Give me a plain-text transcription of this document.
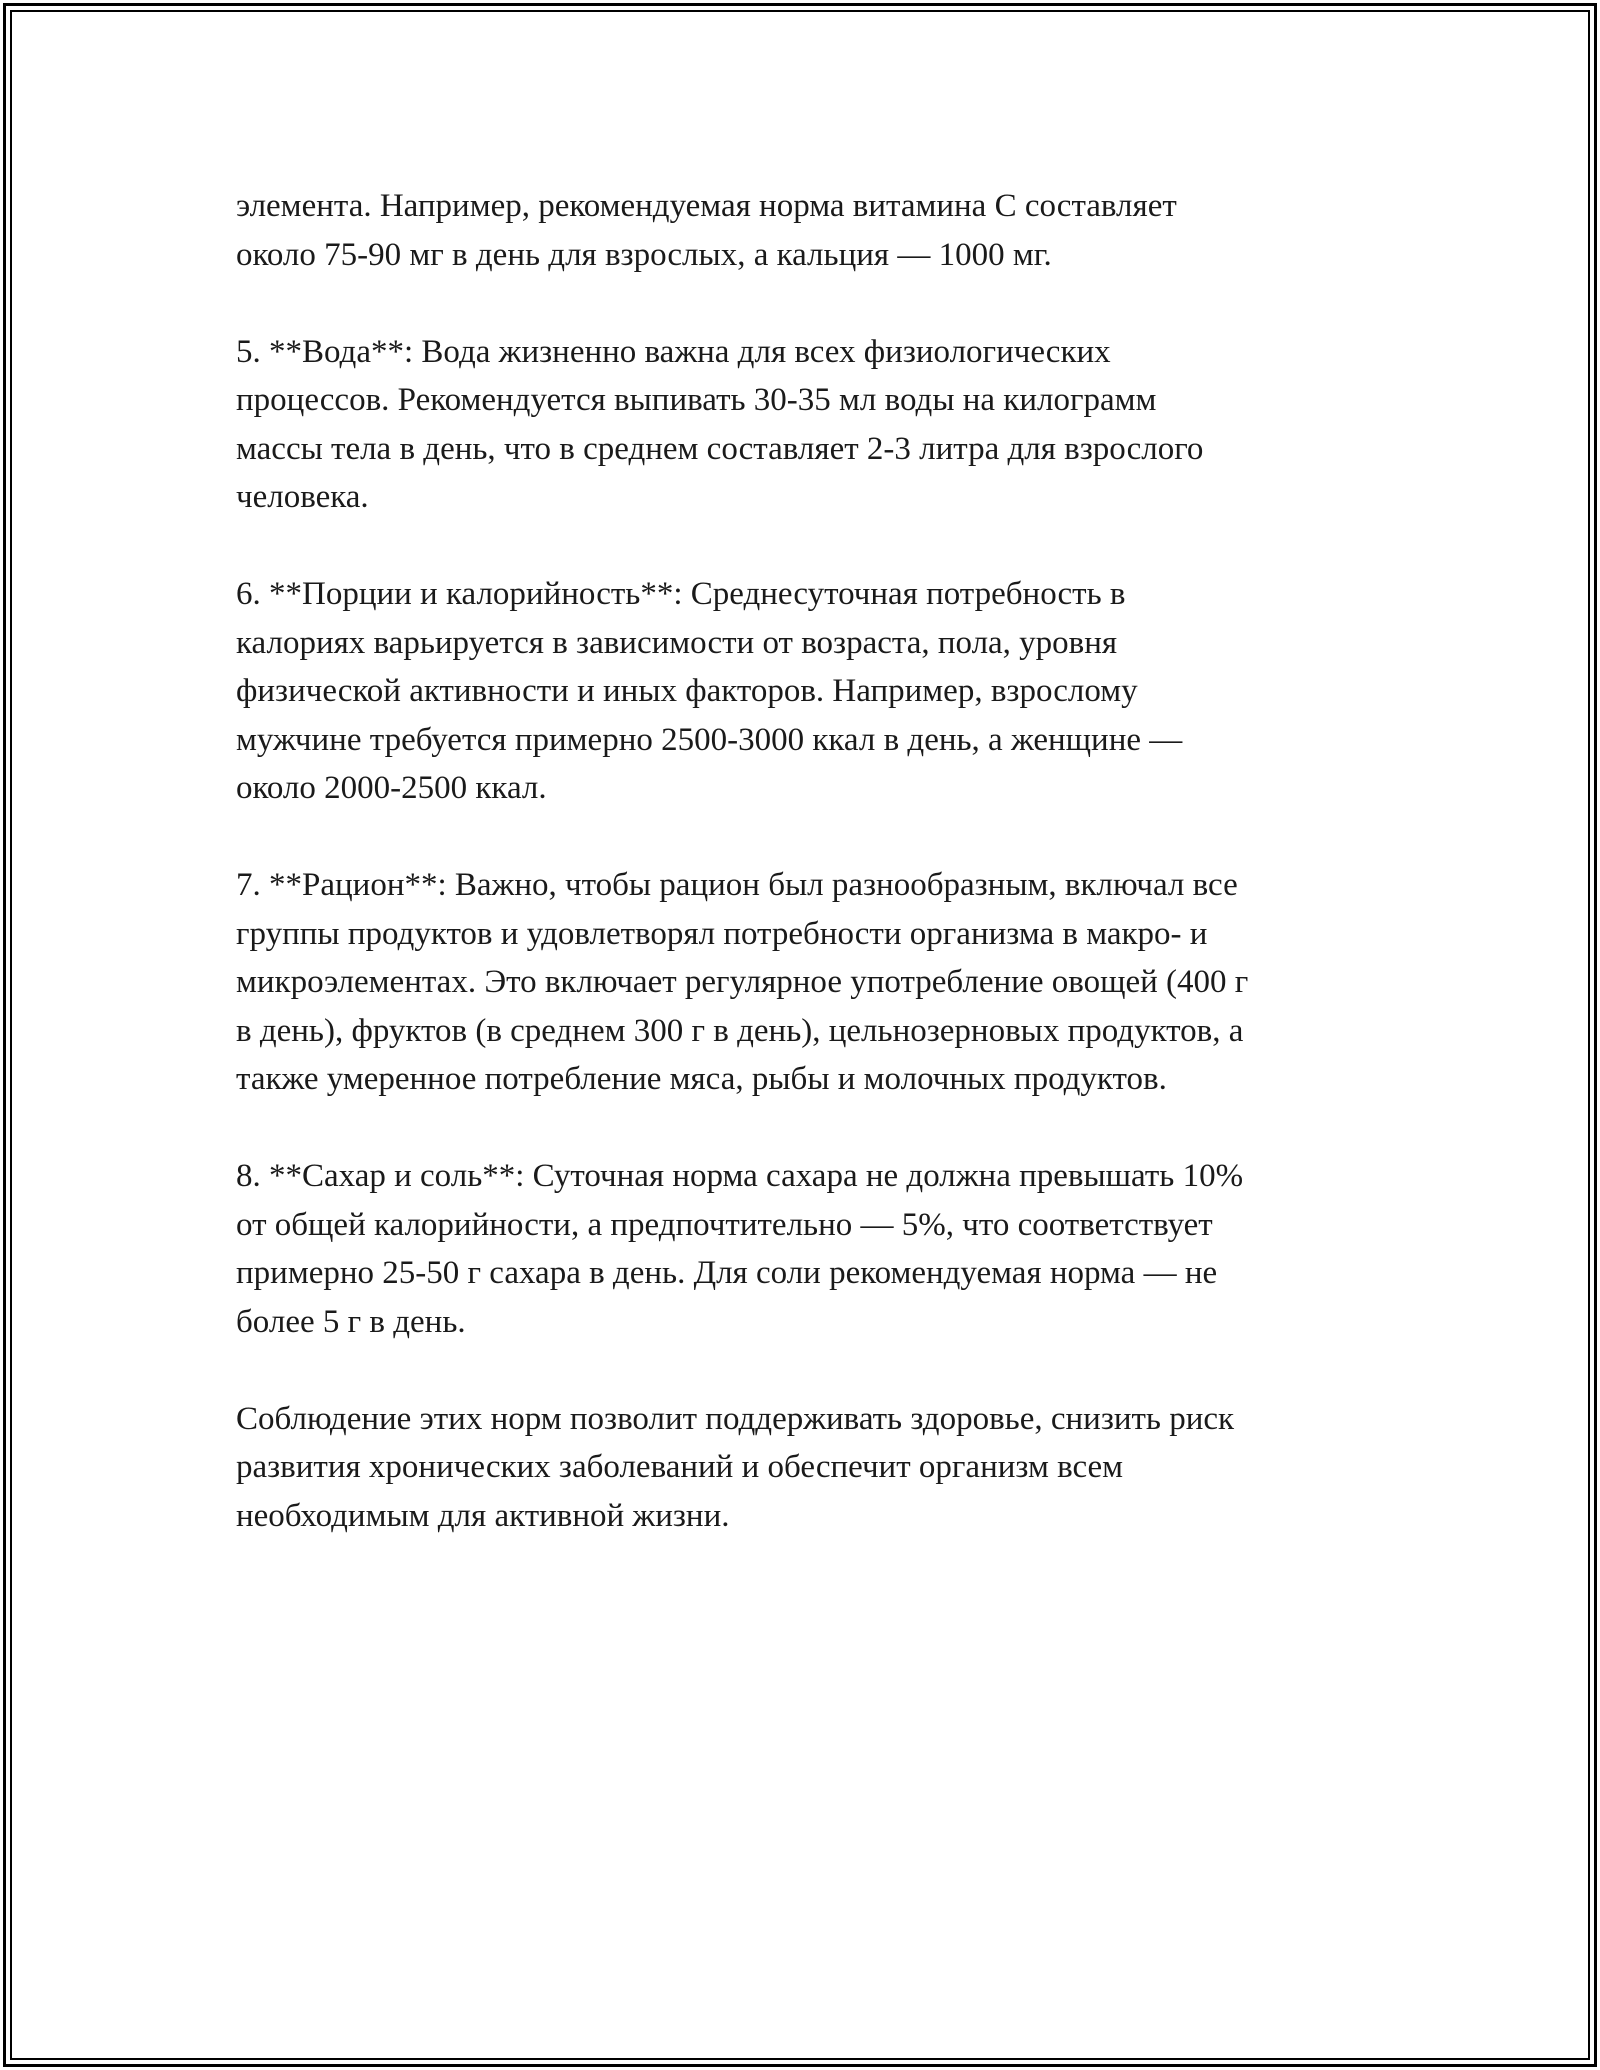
элемента. Например, рекомендуемая норма витамина C составляет
около 75-90 мг в день для взрослых, а кальция — 1000 мг.

5. **Вода**: Вода жизненно важна для всех физиологических
процессов. Рекомендуется выпивать 30-35 мл воды на килограмм
массы тела в день, что в среднем составляет 2-3 литра для взрослого
человека.

6. **Порции и калорийность**: Среднесуточная потребность в
калориях варьируется в зависимости от возраста, пола, уровня
физической активности и иных факторов. Например, взрослому
мужчине требуется примерно 2500-3000 ккал в день, а женщине —
около 2000-2500 ккал.

7. **Рацион**: Важно, чтобы рацион был разнообразным, включал все
группы продуктов и удовлетворял потребности организма в макро- и
микроэлементах. Это включает регулярное употребление овощей (400 г
в день), фруктов (в среднем 300 г в день), цельнозерновых продуктов, а
также умеренное потребление мяса, рыбы и молочных продуктов.

8. **Сахар и соль**: Суточная норма сахара не должна превышать 10%
от общей калорийности, а предпочтительно — 5%, что соответствует
примерно 25-50 г сахара в день. Для соли рекомендуемая норма — не
более 5 г в день.

Соблюдение этих норм позволит поддерживать здоровье, снизить риск
развития хронических заболеваний и обеспечит организм всем
необходимым для активной жизни.
